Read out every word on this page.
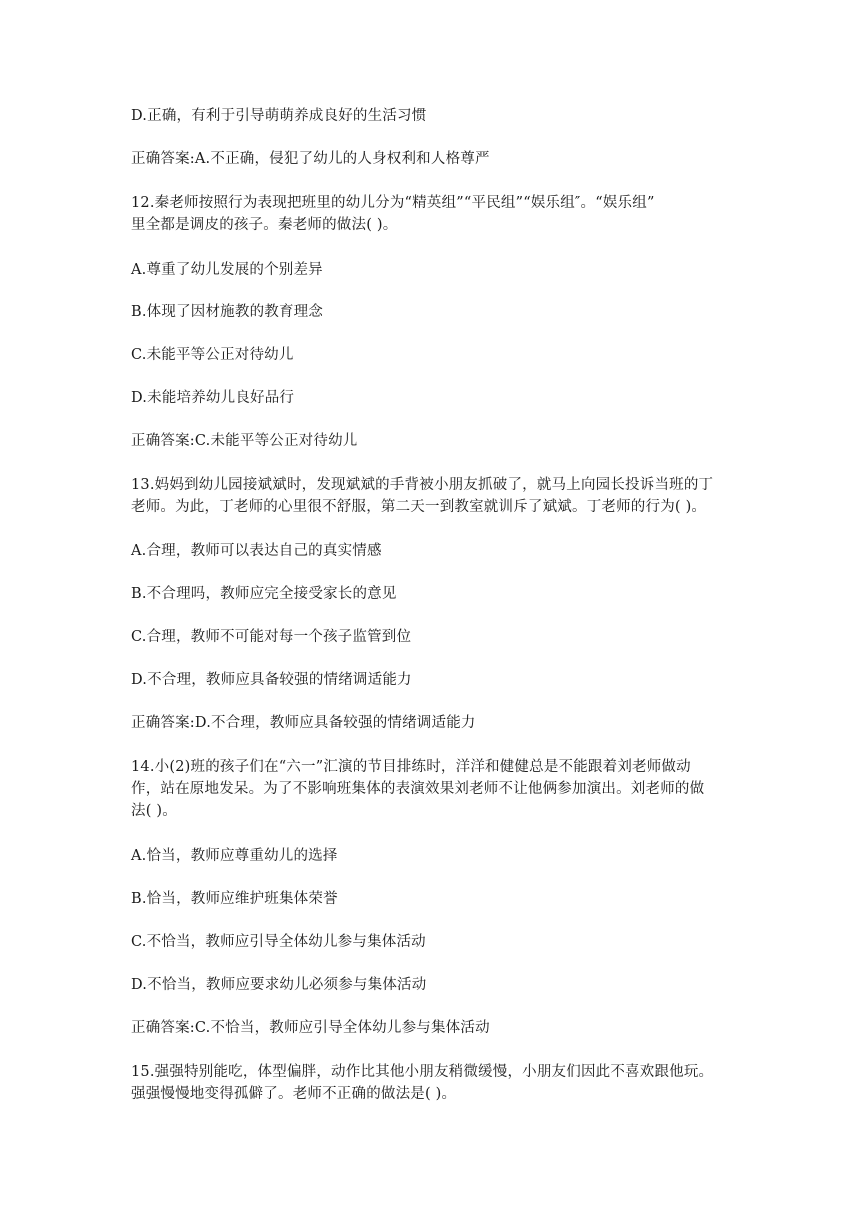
D.正确，有利于引导萌萌养成良好的生活习惯
正确答案:A.不正确，侵犯了幼儿的人身权利和人格尊严
12.秦老师按照行为表现把班里的幼儿分为“精英组”“平民组”“娱乐组″。“娱乐组”
里全都是调皮的孩子。秦老师的做法( )。
A.尊重了幼儿发展的个别差异
B.体现了因材施教的教育理念
C.未能平等公正对待幼儿
D.未能培养幼儿良好品行
正确答案:C.未能平等公正对待幼儿
13.妈妈到幼儿园接斌斌时，发现斌斌的手背被小朋友抓破了，就马上向园长投诉当班的丁
老师。为此，丁老师的心里很不舒服，第二天一到教室就训斥了斌斌。丁老师的行为( )。
A.合理，教师可以表达自己的真实情感
B.不合理吗，教师应完全接受家长的意见
C.合理，教师不可能对每一个孩子监管到位
D.不合理，教师应具备较强的情绪调适能力
正确答案:D.不合理，教师应具备较强的情绪调适能力
14.小(2)班的孩子们在“六一”汇演的节目排练时，洋洋和健健总是不能跟着刘老师做动
作，站在原地发呆。为了不影响班集体的表演效果刘老师不让他俩参加演出。刘老师的做
法( )。
A.恰当，教师应尊重幼儿的选择
B.恰当，教师应维护班集体荣誉
C.不恰当，教师应引导全体幼儿参与集体活动
D.不恰当，教师应要求幼儿必须参与集体活动
正确答案:C.不恰当，教师应引导全体幼儿参与集体活动
15.强强特别能吃，体型偏胖，动作比其他小朋友稍微缓慢，小朋友们因此不喜欢跟他玩。
强强慢慢地变得孤僻了。老师不正确的做法是( )。
